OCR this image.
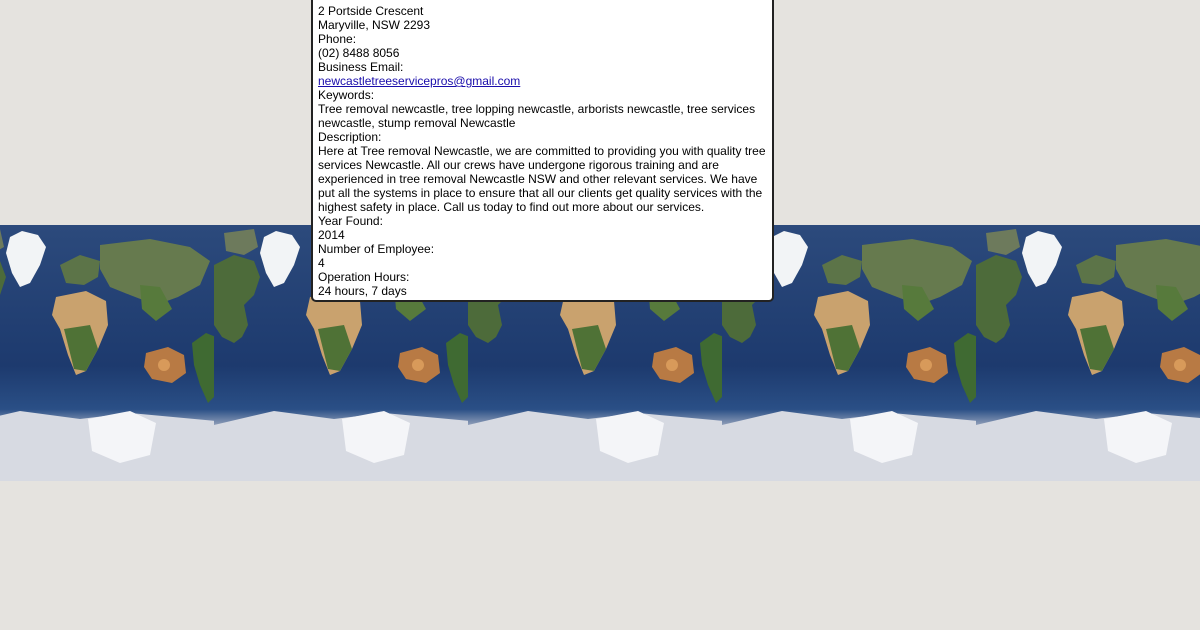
2 Portside Crescent
Maryville, NSW 2293
Phone:
(02) 8488 8056
Business Email:
newcastletreeservicepros@gmail.com
Keywords:
Tree removal newcastle, tree lopping newcastle, arborists newcastle, tree services newcastle, stump removal Newcastle
Description:
Here at Tree removal Newcastle, we are committed to providing you with quality tree services Newcastle. All our crews have undergone rigorous training and are experienced in tree removal Newcastle NSW and other relevant services. We have put all the systems in place to ensure that all our clients get quality services with the highest safety in place. Call us today to find out more about our services.
Year Found:
2014
Number of Employee:
4
Operation Hours:
24 hours, 7 days
